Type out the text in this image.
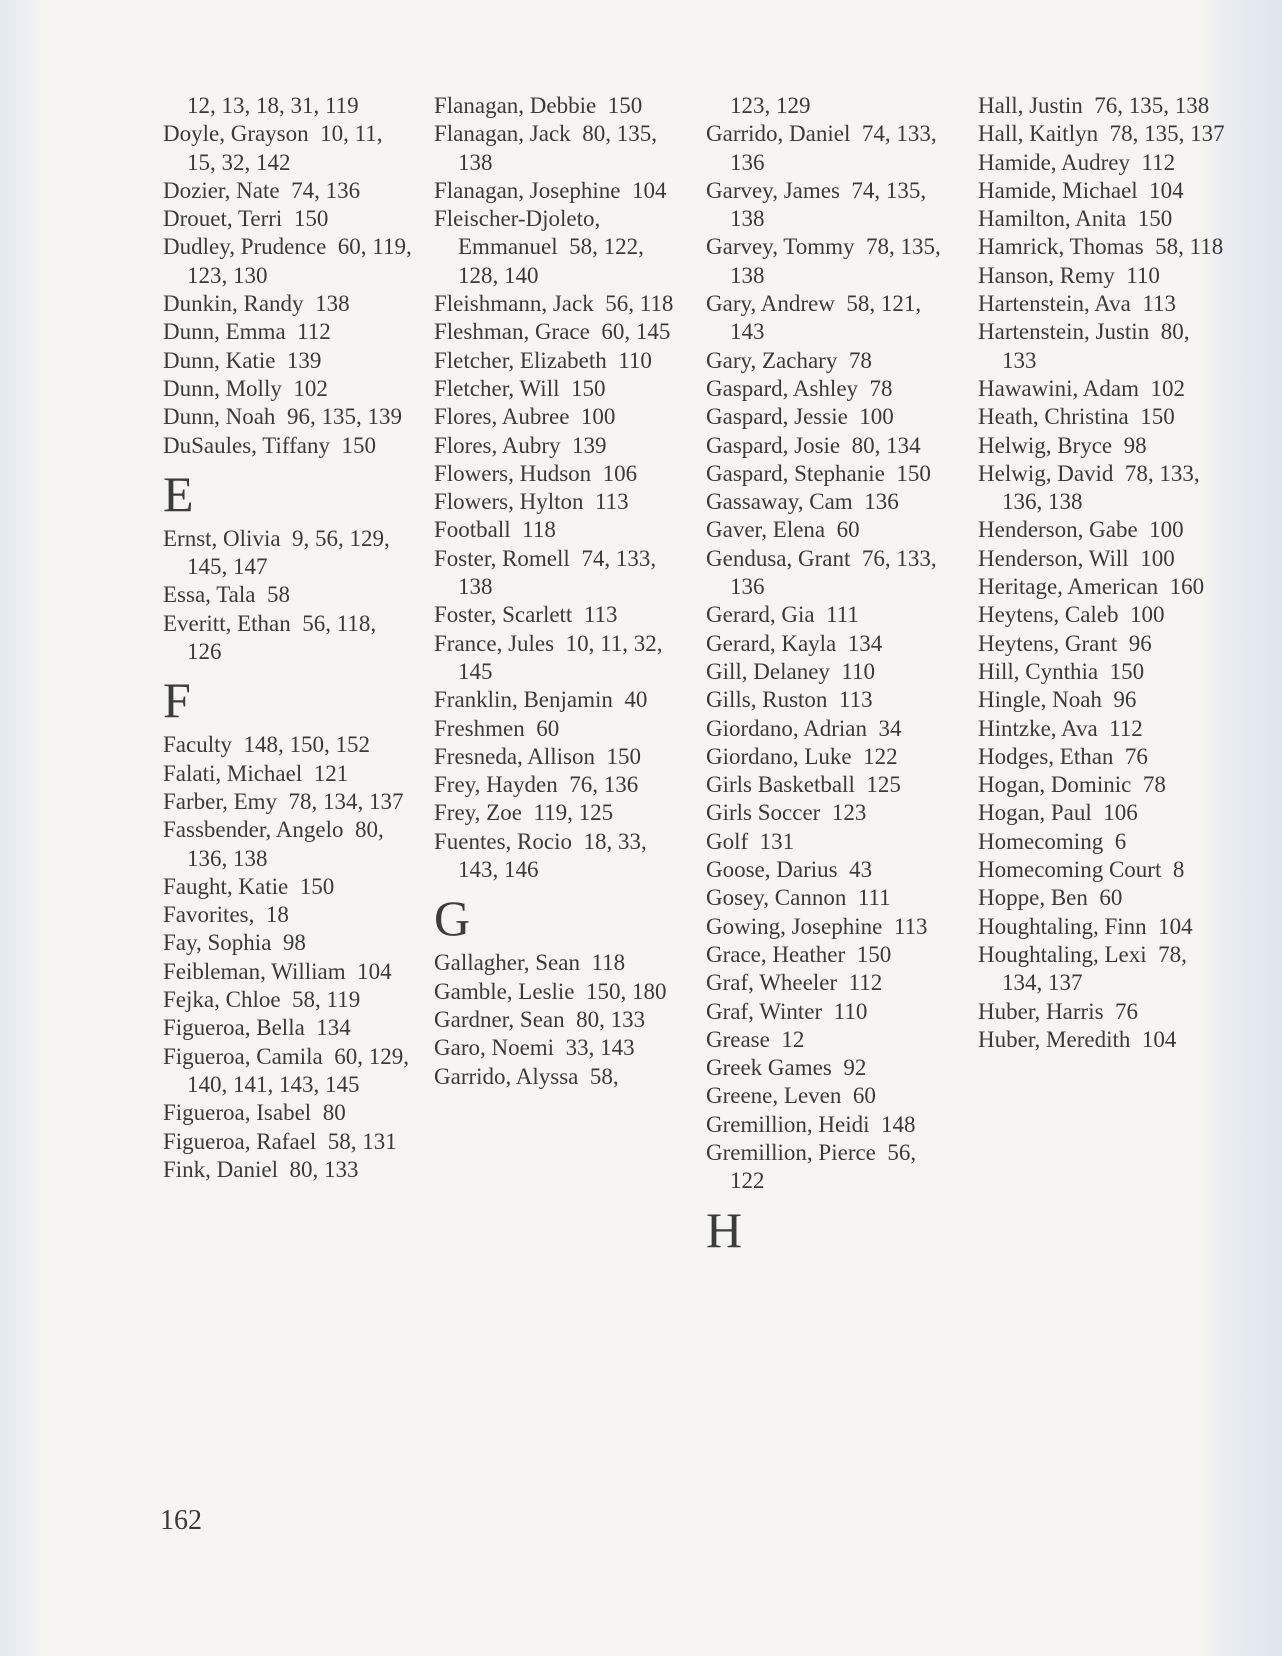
12, 13, 18, 31, 119
Doyle, Grayson  10, 11, 15, 32, 142
Dozier, Nate  74, 136
Drouet, Terri  150
Dudley, Prudence  60, 119, 123, 130
Dunkin, Randy  138
Dunn, Emma  112
Dunn, Katie  139
Dunn, Molly  102
Dunn, Noah  96, 135, 139
DuSaules, Tiffany  150
E
Ernst, Olivia  9, 56, 129, 145, 147
Essa, Tala  58
Everitt, Ethan  56, 118, 126
F
Faculty  148, 150, 152
Falati, Michael  121
Farber, Emy  78, 134, 137
Fassbender, Angelo  80, 136, 138
Faught, Katie  150
Favorites,  18
Fay, Sophia  98
Feibleman, William  104
Fejka, Chloe  58, 119
Figueroa, Bella  134
Figueroa, Camila  60, 129, 140, 141, 143, 145
Figueroa, Isabel  80
Figueroa, Rafael  58, 131
Fink, Daniel  80, 133
Flanagan, Debbie  150
Flanagan, Jack  80, 135, 138
Flanagan, Josephine  104
Fleischer-Djoleto, Emmanuel  58, 122, 128, 140
Fleishmann, Jack  56, 118
Fleshman, Grace  60, 145
Fletcher, Elizabeth  110
Fletcher, Will  150
Flores, Aubree  100
Flores, Aubry  139
Flowers, Hudson  106
Flowers, Hylton  113
Football  118
Foster, Romell  74, 133, 138
Foster, Scarlett  113
France, Jules  10, 11, 32, 145
Franklin, Benjamin  40
Freshmen  60
Fresneda, Allison  150
Frey, Hayden  76, 136
Frey, Zoe  119, 125
Fuentes, Rocio  18, 33, 143, 146
G
Gallagher, Sean  118
Gamble, Leslie  150, 180
Gardner, Sean  80, 133
Garo, Noemi  33, 143
Garrido, Alyssa  58,
123, 129
Garrido, Daniel  74, 133, 136
Garvey, James  74, 135, 138
Garvey, Tommy  78, 135, 138
Gary, Andrew  58, 121, 143
Gary, Zachary  78
Gaspard, Ashley  78
Gaspard, Jessie  100
Gaspard, Josie  80, 134
Gaspard, Stephanie  150
Gassaway, Cam  136
Gaver, Elena  60
Gendusa, Grant  76, 133, 136
Gerard, Gia  111
Gerard, Kayla  134
Gill, Delaney  110
Gills, Ruston  113
Giordano, Adrian  34
Giordano, Luke  122
Girls Basketball  125
Girls Soccer  123
Golf  131
Goose, Darius  43
Gosey, Cannon  111
Gowing, Josephine  113
Grace, Heather  150
Graf, Wheeler  112
Graf, Winter  110
Grease  12
Greek Games  92
Greene, Leven  60
Gremillion, Heidi  148
Gremillion, Pierce  56, 122
H
Hall, Justin  76, 135, 138
Hall, Kaitlyn  78, 135, 137
Hamide, Audrey  112
Hamide, Michael  104
Hamilton, Anita  150
Hamrick, Thomas  58, 118
Hanson, Remy  110
Hartenstein, Ava  113
Hartenstein, Justin  80, 133
Hawawini, Adam  102
Heath, Christina  150
Helwig, Bryce  98
Helwig, David  78, 133, 136, 138
Henderson, Gabe  100
Henderson, Will  100
Heritage, American  160
Heytens, Caleb  100
Heytens, Grant  96
Hill, Cynthia  150
Hingle, Noah  96
Hintzke, Ava  112
Hodges, Ethan  76
Hogan, Dominic  78
Hogan, Paul  106
Homecoming  6
Homecoming Court  8
Hoppe, Ben  60
Houghtaling, Finn  104
Houghtaling, Lexi  78, 134, 137
Huber, Harris  76
Huber, Meredith  104
162
